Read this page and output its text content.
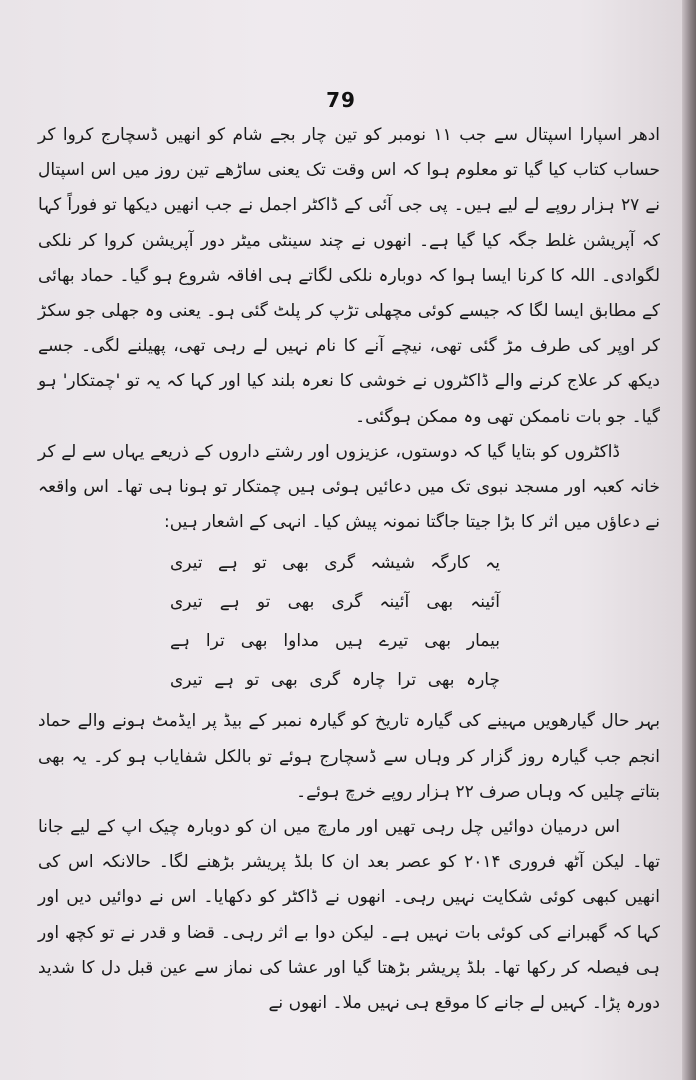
79

ادھر اسپارا اسپتال سے جب ۱۱ نومبر کو تین چار بجے شام کو انھیں ڈسچارج کروا کر حساب کتاب کیا گیا تو معلوم ہوا کہ اس وقت تک یعنی ساڑھے تین روز میں اس اسپتال نے ۲۷ ہزار روپے لے لیے ہیں۔ پی جی آئی کے ڈاکٹر اجمل نے جب انھیں دیکھا تو فوراً کہا کہ آپریشن غلط جگہ کیا گیا ہے۔ انھوں نے چند سینٹی میٹر دور آپریشن کروا کر نلکی لگوادی۔ اللہ کا کرنا ایسا ہوا کہ دوبارہ نلکی لگاتے ہی افاقہ شروع ہو گیا۔ حماد بھائی کے مطابق ایسا لگا کہ جیسے کوئی مچھلی تڑپ کر پلٹ گئی ہو۔ یعنی وہ جھلی جو سکڑ کر اوپر کی طرف مڑ گئی تھی، نیچے آنے کا نام نہیں لے رہی تھی، پھیلنے لگی۔ جسے دیکھ کر علاج کرنے والے ڈاکٹروں نے خوشی کا نعرہ بلند کیا اور کہا کہ یہ تو 'چمتکار' ہو گیا۔ جو بات ناممکن تھی وہ ممکن ہوگئی۔

ڈاکٹروں کو بتایا گیا کہ دوستوں، عزیزوں اور رشتے داروں کے ذریعے یہاں سے لے کر خانہ کعبہ اور مسجد نبوی تک میں دعائیں ہوئی ہیں چمتکار تو ہونا ہی تھا۔ اس واقعہ نے دعاؤں میں اثر کا بڑا جیتا جاگتا نمونہ پیش کیا۔ انہی کے اشعار ہیں:

یہ کارگہ شیشہ گری بھی تو ہے تیری
آئینہ بھی آئینہ گری بھی تو ہے تیری
بیمار بھی تیرے ہیں مداوا بھی ترا ہے
چارہ بھی ترا چارہ گری بھی تو ہے تیری

بہر حال گیارھویں مہینے کی گیارہ تاریخ کو گیارہ نمبر کے بیڈ پر ایڈمٹ ہونے والے حماد انجم جب گیارہ روز گزار کر وہاں سے ڈسچارج ہوئے تو بالکل شفایاب ہو کر۔ یہ بھی بتاتے چلیں کہ وہاں صرف ۲۲ ہزار روپے خرچ ہوئے۔

اس درمیان دوائیں چل رہی تھیں اور مارچ میں ان کو دوبارہ چیک اپ کے لیے جانا تھا۔ لیکن آٹھ فروری ۲۰۱۴ کو عصر بعد ان کا بلڈ پریشر بڑھنے لگا۔ حالانکہ اس کی انھیں کبھی کوئی شکایت نہیں رہی۔ انھوں نے ڈاکٹر کو دکھایا۔ اس نے دوائیں دیں اور کہا کہ گھبرانے کی کوئی بات نہیں ہے۔ لیکن دوا بے اثر رہی۔ قضا و قدر نے تو کچھ اور ہی فیصلہ کر رکھا تھا۔ بلڈ پریشر بڑھتا گیا اور عشا کی نماز سے عین قبل دل کا شدید دورہ پڑا۔ کہیں لے جانے کا موقع ہی نہیں ملا۔ انھوں نے
